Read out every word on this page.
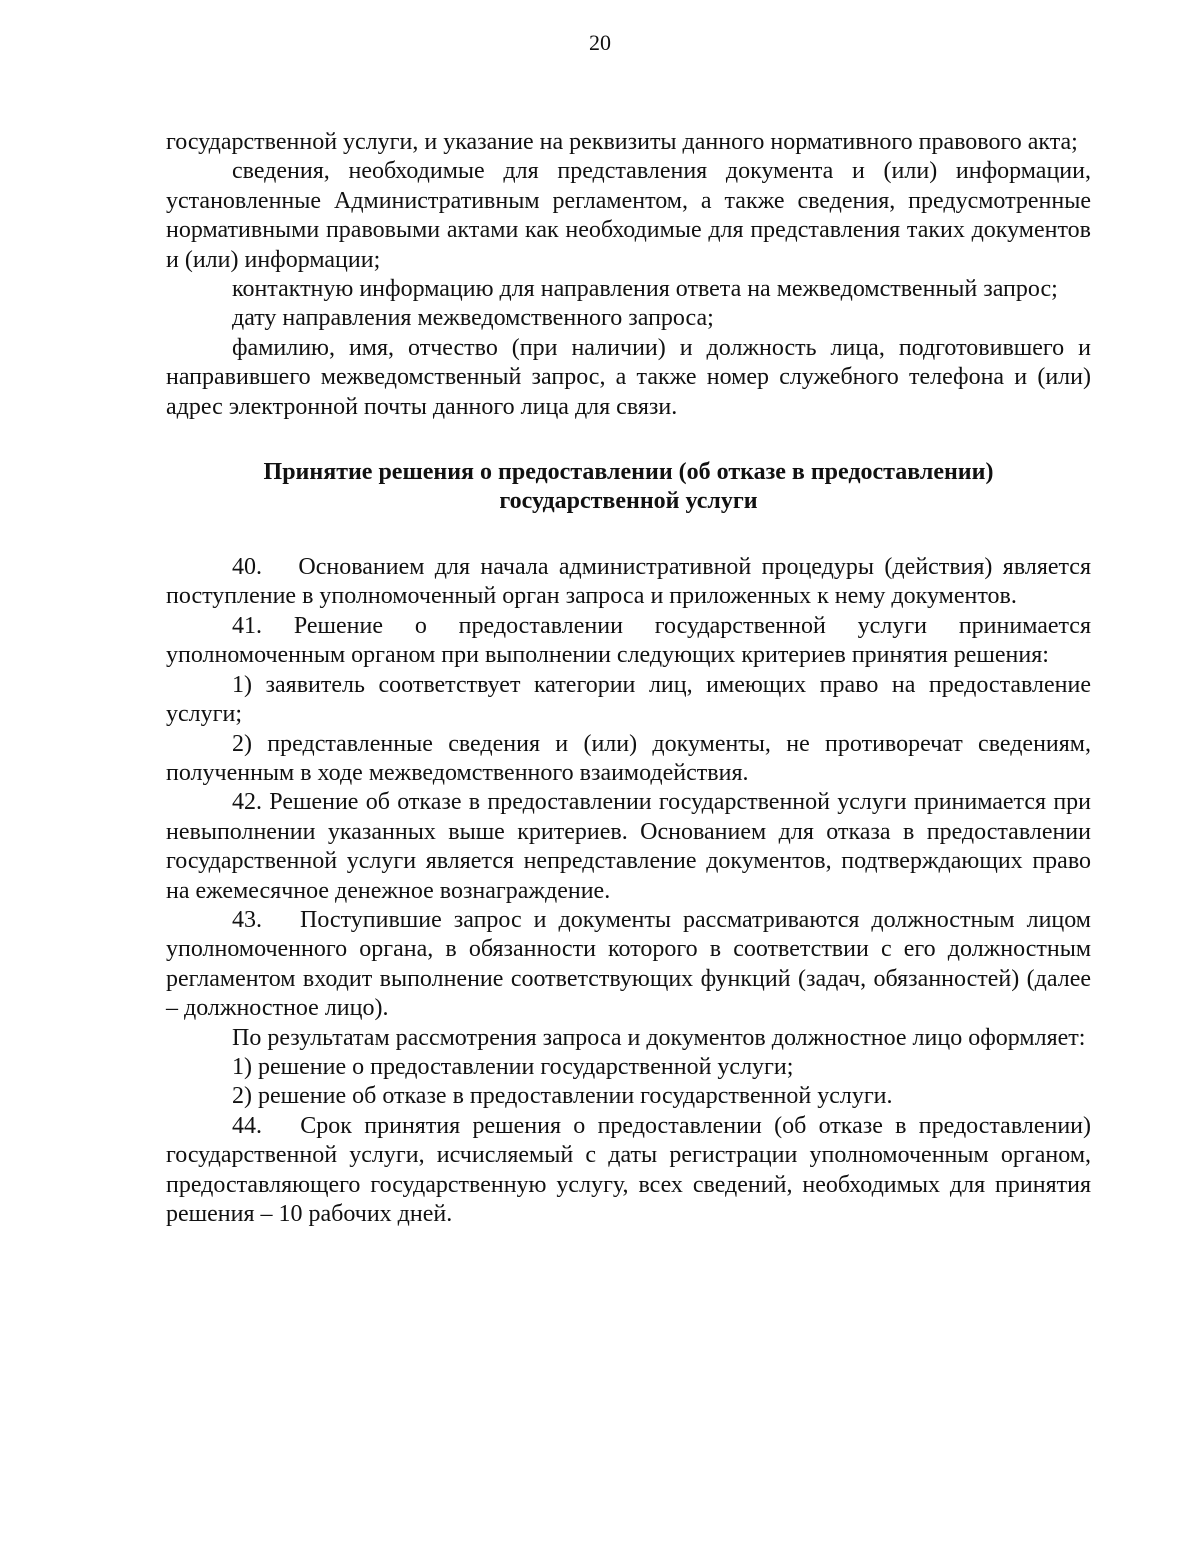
20

государственной услуги, и указание на реквизиты данного нормативного правового акта;

сведения, необходимые для представления документа и (или) информации, установленные Административным регламентом, а также сведения, предусмотренные нормативными правовыми актами как необходимые для представления таких документов и (или) информации;

контактную информацию для направления ответа на межведомственный запрос;

дату направления межведомственного запроса;

фамилию, имя, отчество (при наличии) и должность лица, подготовившего и направившего межведомственный запрос, а также номер служебного телефона и (или) адрес электронной почты данного лица для связи.

Принятие решения о предоставлении (об отказе в предоставлении)
государственной услуги

40. Основанием для начала административной процедуры (действия) является поступление в уполномоченный орган запроса и приложенных к нему документов.

41. Решение о предоставлении государственной услуги принимается уполномоченным органом при выполнении следующих критериев принятия решения:

1) заявитель соответствует категории лиц, имеющих право на предоставление услуги;

2) представленные сведения и (или) документы, не противоречат сведениям, полученным в ходе межведомственного взаимодействия.

42. Решение об отказе в предоставлении государственной услуги принимается при невыполнении указанных выше критериев. Основанием для отказа в предоставлении государственной услуги является непредставление документов, подтверждающих право на ежемесячное денежное вознаграждение.

43. Поступившие запрос и документы рассматриваются должностным лицом уполномоченного органа, в обязанности которого в соответствии с его должностным регламентом входит выполнение соответствующих функций (задач, обязанностей) (далее – должностное лицо).

По результатам рассмотрения запроса и документов должностное лицо оформляет:

1) решение о предоставлении государственной услуги;

2) решение об отказе в предоставлении государственной услуги.

44. Срок принятия решения о предоставлении (об отказе в предоставлении) государственной услуги, исчисляемый с даты регистрации уполномоченным органом, предоставляющего государственную услугу, всех сведений, необходимых для принятия решения – 10 рабочих дней.
